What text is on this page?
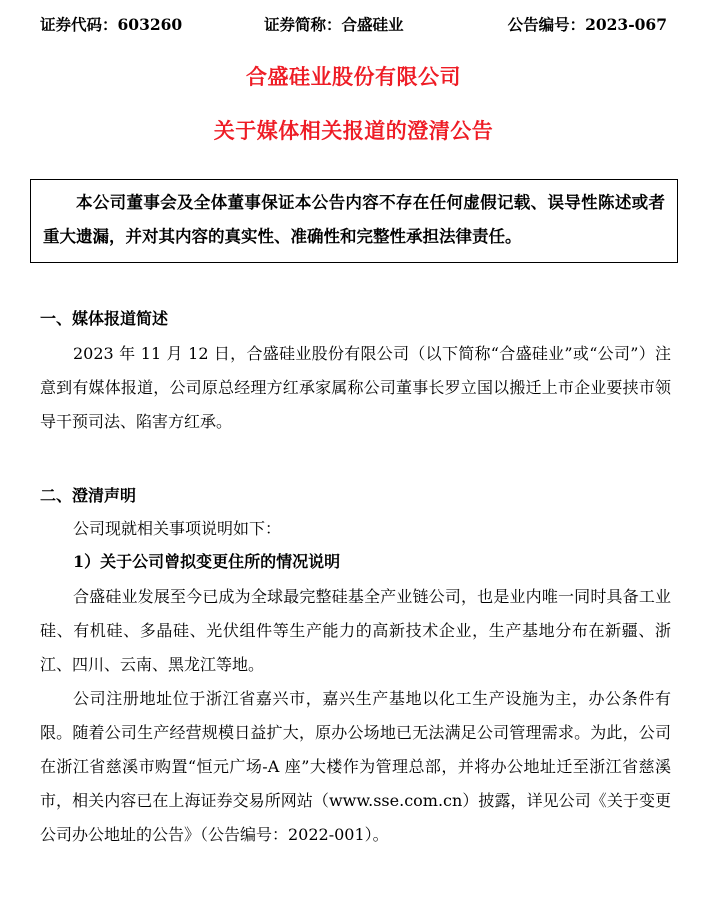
证券代码：603260	证券简称：合盛硅业	公告编号：2023-067
合盛硅业股份有限公司
关于媒体相关报道的澄清公告
本公司董事会及全体董事保证本公告内容不存在任何虚假记载、误导性陈述或者重大遗漏，并对其内容的真实性、准确性和完整性承担法律责任。
一、媒体报道简述
2023 年 11 月 12 日，合盛硅业股份有限公司（以下简称“合盛硅业”或“公司”）注意到有媒体报道，公司原总经理方红承家属称公司董事长罗立国以搬迁上市企业要挟市领导干预司法、陷害方红承。
二、澄清声明
公司现就相关事项说明如下：
1）关于公司曾拟变更住所的情况说明
合盛硅业发展至今已成为全球最完整硅基全产业链公司，也是业内唯一同时具备工业硅、有机硅、多晶硅、光伏组件等生产能力的高新技术企业，生产基地分布在新疆、浙江、四川、云南、黑龙江等地。
公司注册地址位于浙江省嘉兴市，嘉兴生产基地以化工生产设施为主，办公条件有限。随着公司生产经营规模日益扩大，原办公场地已无法满足公司管理需求。为此，公司在浙江省慈溪市购置“恒元广场-A 座”大楼作为管理总部，并将办公地址迁至浙江省慈溪市，相关内容已在上海证券交易所网站（www.sse.com.cn）披露，详见公司《关于变更公司办公地址的公告》（公告编号：2022-001）。
